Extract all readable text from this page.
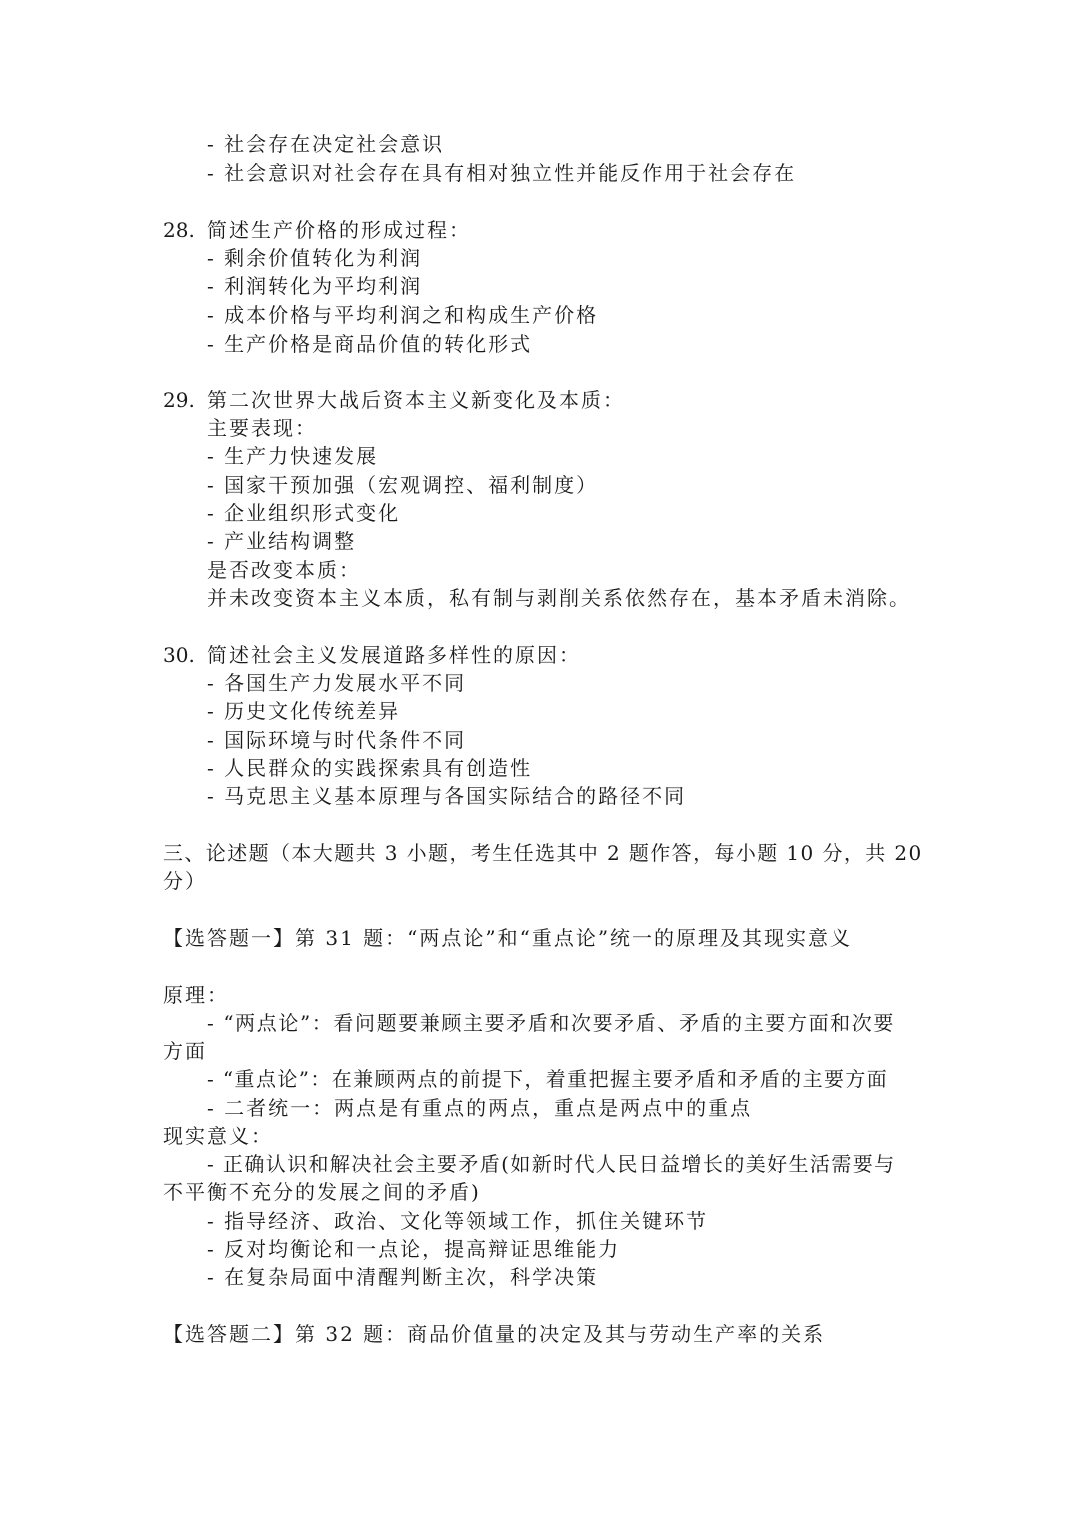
- 社会存在决定社会意识
- 社会意识对社会存在具有相对独立性并能反作用于社会存在
28. 简述生产价格的形成过程：
- 剩余价值转化为利润
- 利润转化为平均利润
- 成本价格与平均利润之和构成生产价格
- 生产价格是商品价值的转化形式
29. 第二次世界大战后资本主义新变化及本质：
主要表现：
- 生产力快速发展
- 国家干预加强（宏观调控、福利制度）
- 企业组织形式变化
- 产业结构调整
是否改变本质：
并未改变资本主义本质，私有制与剥削关系依然存在，基本矛盾未消除。
30. 简述社会主义发展道路多样性的原因：
- 各国生产力发展水平不同
- 历史文化传统差异
- 国际环境与时代条件不同
- 人民群众的实践探索具有创造性
- 马克思主义基本原理与各国实际结合的路径不同
三、论述题（本大题共 3 小题，考生任选其中 2 题作答，每小题 10 分，共 20
分）
【选答题一】第 31 题：“两点论”和“重点论”统一的原理及其现实意义
原理：
- “两点论”：看问题要兼顾主要矛盾和次要矛盾、矛盾的主要方面和次要
方面
- “重点论”：在兼顾两点的前提下，着重把握主要矛盾和矛盾的主要方面
- 二者统一：两点是有重点的两点，重点是两点中的重点
现实意义：
- 正确认识和解决社会主要矛盾(如新时代人民日益增长的美好生活需要与
不平衡不充分的发展之间的矛盾)
- 指导经济、政治、文化等领域工作，抓住关键环节
- 反对均衡论和一点论，提高辩证思维能力
- 在复杂局面中清醒判断主次，科学决策
【选答题二】第 32 题：商品价值量的决定及其与劳动生产率的关系
